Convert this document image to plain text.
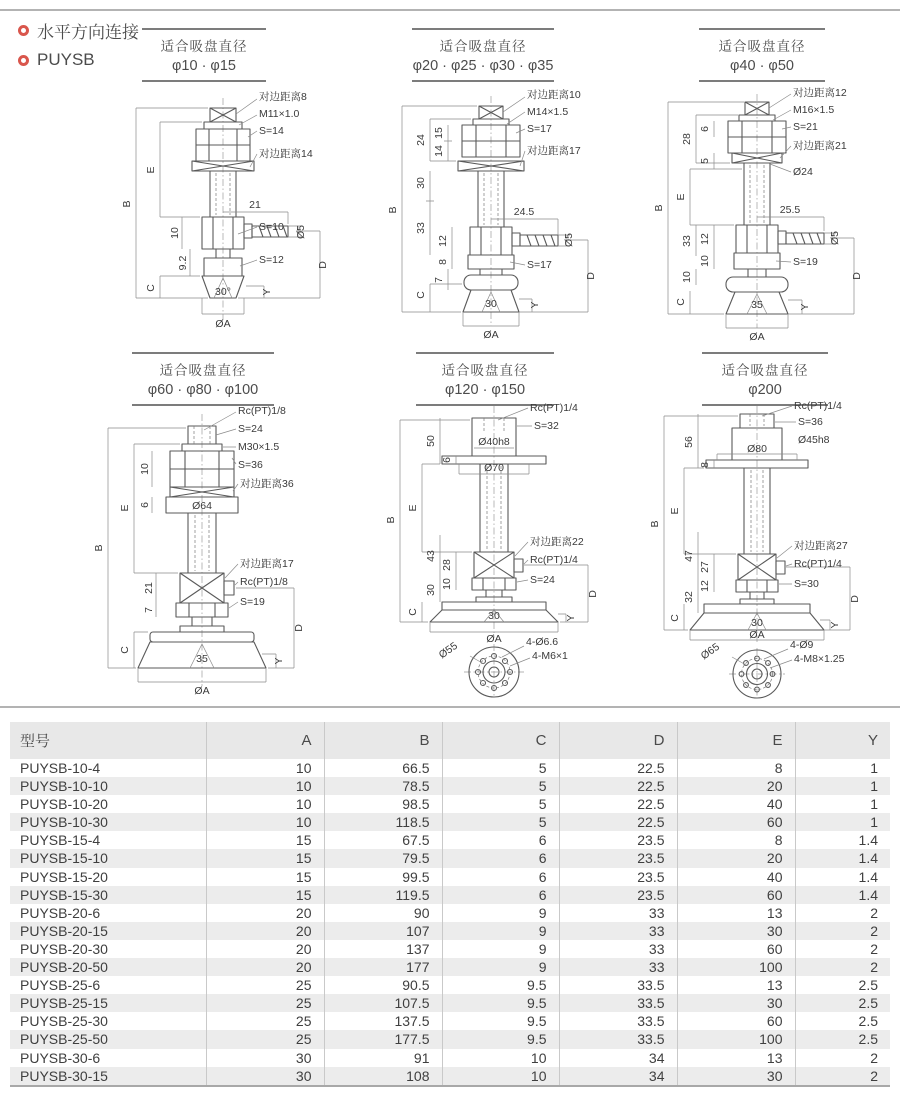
水平方向连接
PUYSB
适合吸盘直径
φ10 · φ15
适合吸盘直径
φ20 · φ25 · φ30 · φ35
适合吸盘直径
φ40 · φ50
适合吸盘直径
φ60 · φ80 · φ100
适合吸盘直径
φ120 · φ150
适合吸盘直径
φ200
对边距离8
M11×1.0
S=14
对边距离14
21
S=10 Ø5
S=12
B
E
10
9.2
C
D
Y
30°
ØA
对边距离10
M14×1.5
S=17
对边距离17
24.5
Ø5
S=17
B
24
15
14
30
33
12
8
7
C
D
Y
30
ØA
对边距离12
M16×1.5
S=21
对边距离21
Ø24
25.5
Ø5
S=19
B
28
6
5
E
33 12
10
10
C
D
Y
35
ØA
Rc(PT)1/8
S=24
M30×1.5
S=36
对边距离36
Ø64
对边距离17
Rc(PT)1/8
S=19
B
E
10
6
21
7
C
D
Y
35
ØA
Rc(PT)1/4
S=32
Ø40h8
Ø70
对边距离22
Rc(PT)1/4
S=24
B
50
6
E
43
28
30
10
C
D
Y
30
ØA
Ø55	4-Ø6.6
4-M6×1
Rc(PT)1/4
S=36
Ø45h8
Ø80
对边距离27
Rc(PT)1/4
S=30
B
56
8
E
47
27
32
12
C
D
Y
30
ØA
Ø65	4-Ø9
4-M8×1.25
型号	A	B	C	D	E	Y
PUYSB-10-4	10	66.5	5	22.5	8	1
PUYSB-10-10	10	78.5	5	22.5	20	1
PUYSB-10-20	10	98.5	5	22.5	40	1
PUYSB-10-30	10	118.5	5	22.5	60	1
PUYSB-15-4	15	67.5	6	23.5	8	1.4
PUYSB-15-10	15	79.5	6	23.5	20	1.4
PUYSB-15-20	15	99.5	6	23.5	40	1.4
PUYSB-15-30	15	119.5	6	23.5	60	1.4
PUYSB-20-6	20	90	9	33	13	2
PUYSB-20-15	20	107	9	33	30	2
PUYSB-20-30	20	137	9	33	60	2
PUYSB-20-50	20	177	9	33	100	2
PUYSB-25-6	25	90.5	9.5	33.5	13	2.5
PUYSB-25-15	25	107.5	9.5	33.5	30	2.5
PUYSB-25-30	25	137.5	9.5	33.5	60	2.5
PUYSB-25-50	25	177.5	9.5	33.5	100	2.5
PUYSB-30-6	30	91	10	34	13	2
PUYSB-30-15	30	108	10	34	30	2
